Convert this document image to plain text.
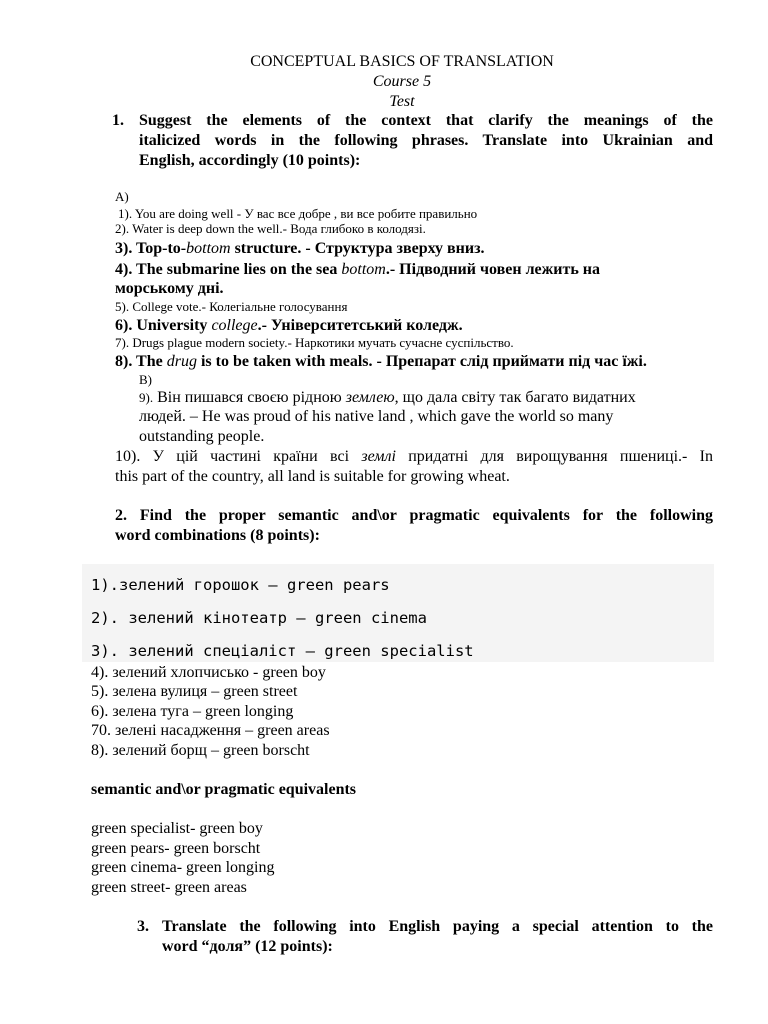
CONCEPTUAL BASICS OF TRANSLATION
Course 5
Test
1. Suggest the elements of the context that clarify the meanings of the
italicized words in the following phrases. Translate into Ukrainian and
English, accordingly (10 points):
A)
1). You are doing well - У вас все добре , ви все робите правильно
2). Water is deep down the well.- Вода глибоко в колодязі.
3). Top-to-bottom structure. - Структура зверху вниз.
4). The submarine lies on the sea bottom.- Підводний човен лежить на
морському дні.
5). College vote.- Колегіальне голосування
6). University college.- Університетський коледж.
7). Drugs plague modern society.- Наркотики мучать сучасне суспільство.
8). The drug is to be taken with meals. - Препарат слід приймати під час їжі.
B)
9). Він пишався своєю рідною землею, що дала світу так багато видатних
людей. – He was proud of his native land , which gave the world so many
outstanding people.
10). У цій частині країни всі землі придатні для вирощування пшениці.- In
this part of the country, all land is suitable for growing wheat.
2. Find the proper semantic and\or pragmatic equivalents for the following
word combinations (8 points):
1).зелений горошок – green pears
2). зелений кінотеатр – green cinema
3). зелений спеціаліст – green specialist
4). зелений хлопчисько - green boy
5). зелена вулиця – green street
6). зелена туга – green longing
70. зелені насадження – green areas
8). зелений борщ – green borscht
semantic and\or pragmatic equivalents
green specialist- green boy
green pears- green borscht
green cinema- green longing
green street- green areas
3. Translate the following into English paying a special attention to the
word “доля” (12 points):
